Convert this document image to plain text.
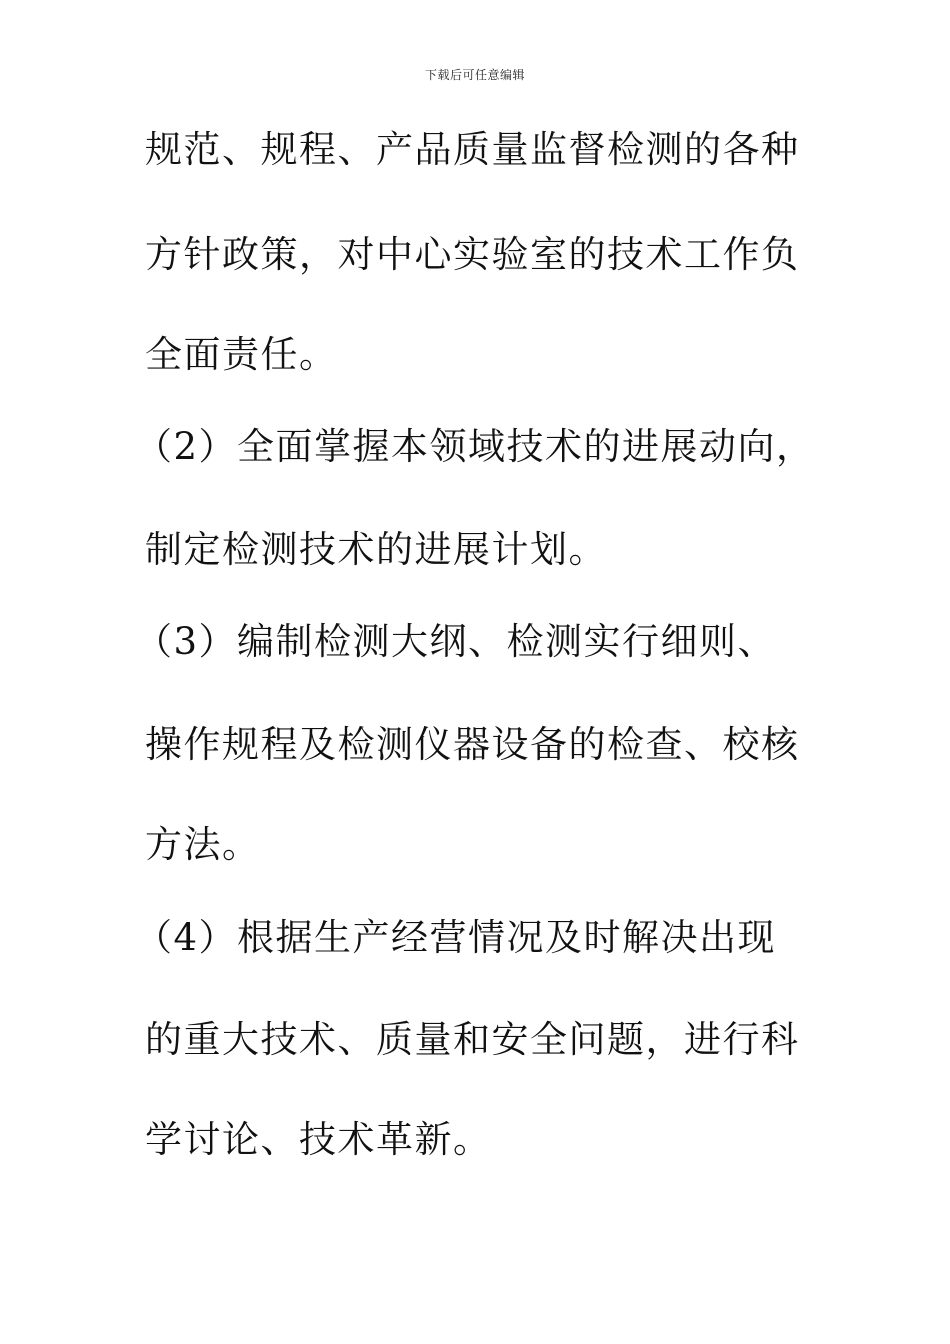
下载后可任意编辑
规范、规程、产品质量监督检测的各种
方针政策，对中心实验室的技术工作负
全面责任。
（2）全面掌握本领域技术的进展动向，
制定检测技术的进展计划。
（3）编制检测大纲、检测实行细则、
操作规程及检测仪器设备的检查、校核
方法。
（4）根据生产经营情况及时解决出现
的重大技术、质量和安全问题，进行科
学讨论、技术革新。
